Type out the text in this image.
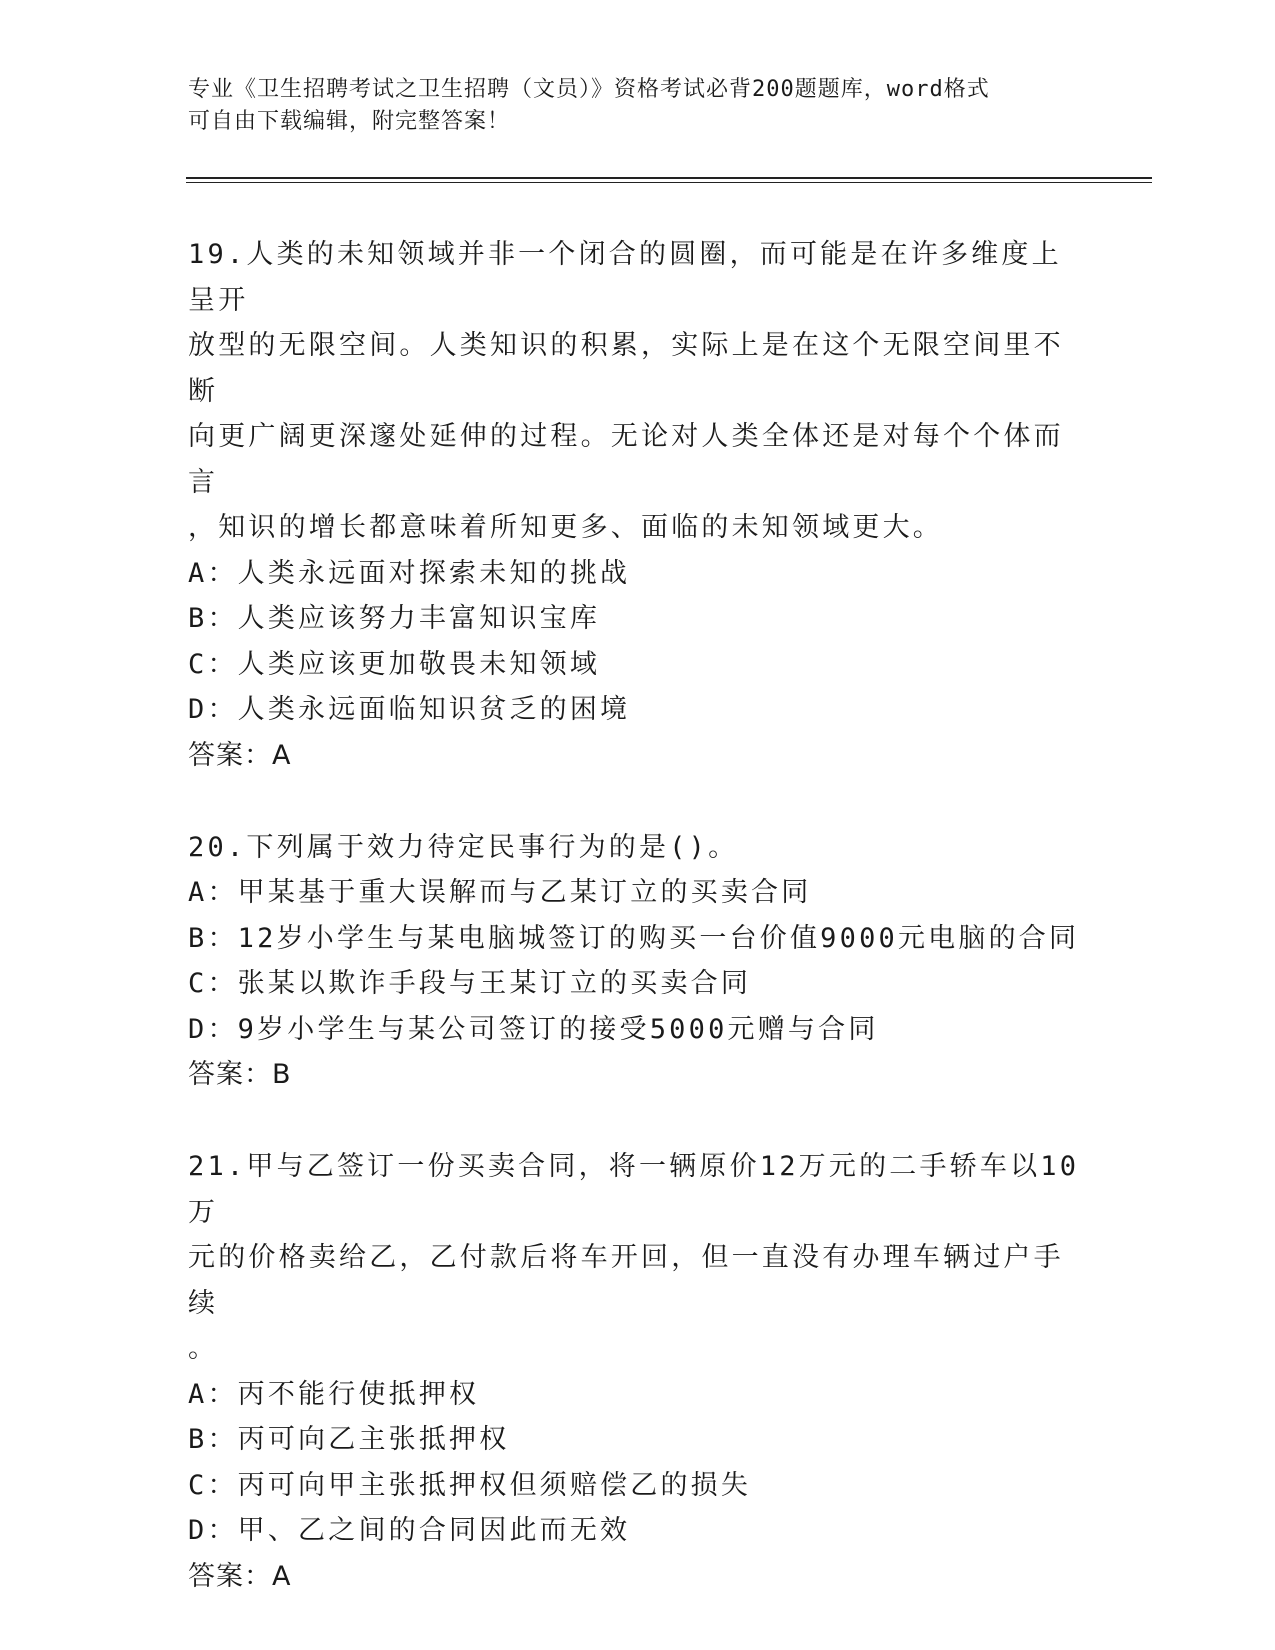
专业《卫生招聘考试之卫生招聘（文员）》资格考试必背200题题库，word格式
可自由下载编辑，附完整答案！

19.人类的未知领域并非一个闭合的圆圈，而可能是在许多维度上呈开

放型的无限空间。人类知识的积累，实际上是在这个无限空间里不断

向更广阔更深邃处延伸的过程。无论对人类全体还是对每个个体而言

，知识的增长都意味着所知更多、面临的未知领域更大。

A：人类永远面对探索未知的挑战

B：人类应该努力丰富知识宝库

C：人类应该更加敬畏未知领域

D：人类永远面临知识贫乏的困境

答案：A

20.下列属于效力待定民事行为的是()。

A：甲某基于重大误解而与乙某订立的买卖合同

B：12岁小学生与某电脑城签订的购买一台价值9000元电脑的合同

C：张某以欺诈手段与王某订立的买卖合同

D：9岁小学生与某公司签订的接受5000元赠与合同

答案：B

21.甲与乙签订一份买卖合同，将一辆原价12万元的二手轿车以10万

元的价格卖给乙，乙付款后将车开回，但一直没有办理车辆过户手续

。

A：丙不能行使抵押权

B：丙可向乙主张抵押权

C：丙可向甲主张抵押权但须赔偿乙的损失

D：甲、乙之间的合同因此而无效

答案：A
